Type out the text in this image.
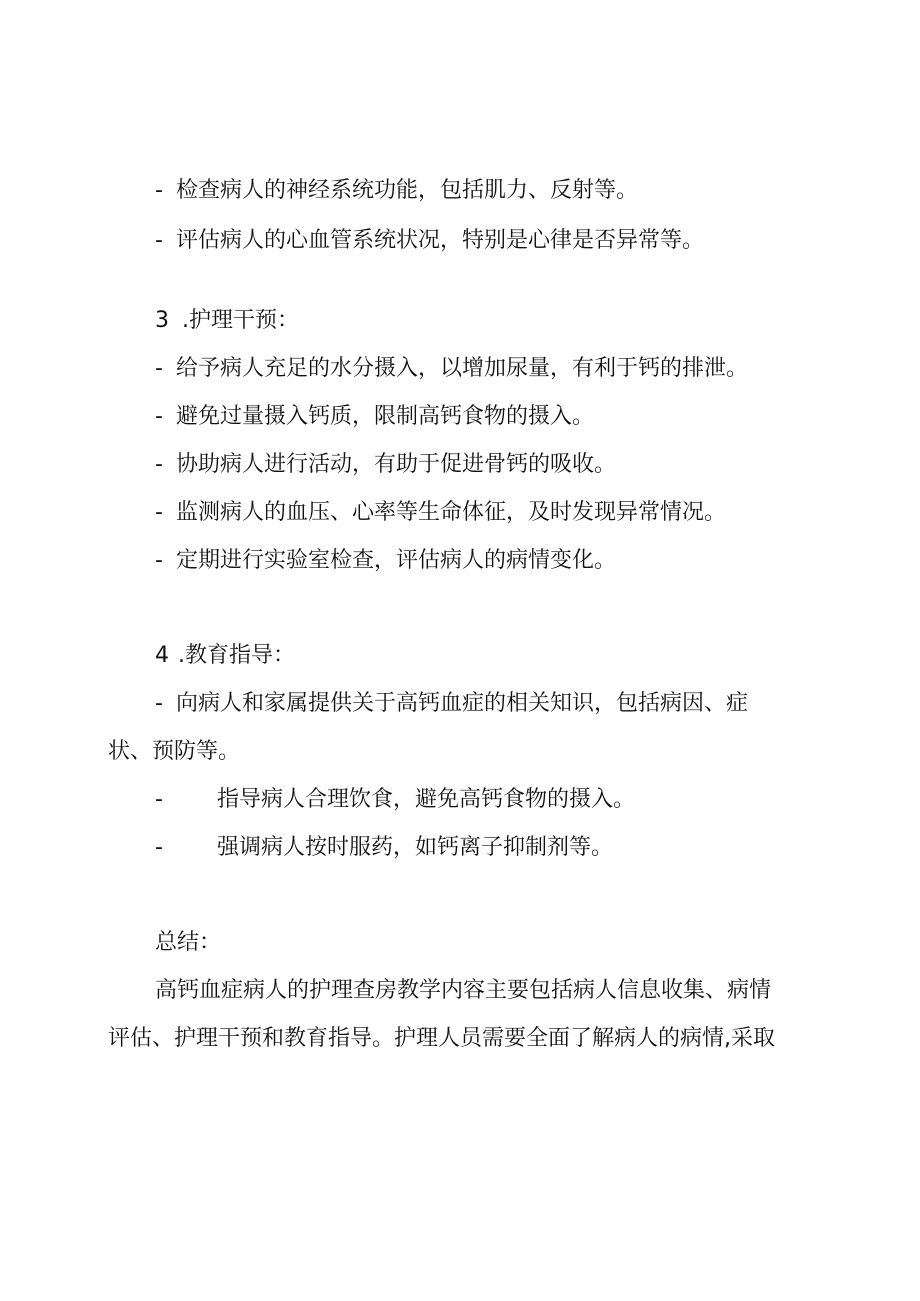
- 检查病人的神经系统功能，包括肌力、反射等。
- 评估病人的心血管系统状况，特别是心律是否异常等。
3 .护理干预：
- 给予病人充足的水分摄入，以增加尿量，有利于钙的排泄。
- 避免过量摄入钙质，限制高钙食物的摄入。
- 协助病人进行活动，有助于促进骨钙的吸收。
- 监测病人的血压、心率等生命体征，及时发现异常情况。
- 定期进行实验室检查，评估病人的病情变化。
4 .教育指导：
- 向病人和家属提供关于高钙血症的相关知识，包括病因、症
状、预防等。
- 指导病人合理饮食，避免高钙食物的摄入。
- 强调病人按时服药，如钙离子抑制剂等。
总结：
高钙血症病人的护理查房教学内容主要包括病人信息收集、病情
评估、护理干预和教育指导。护理人员需要全面了解病人的病情,采取
